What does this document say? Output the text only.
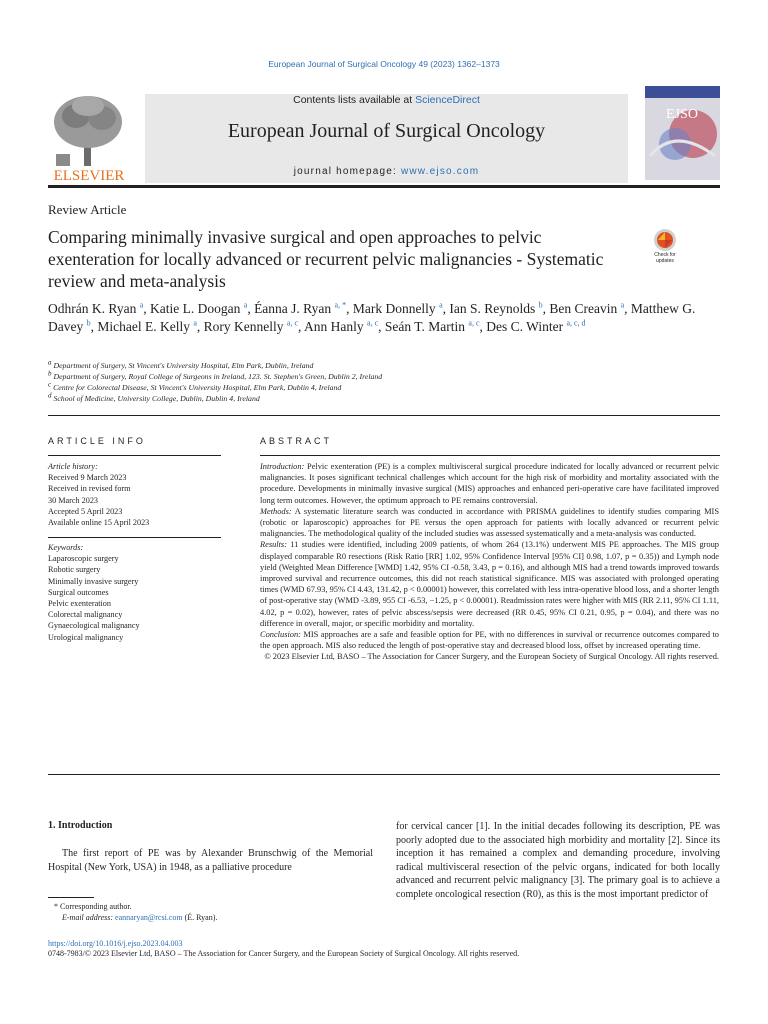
European Journal of Surgical Oncology 49 (2023) 1362–1373
ELSEVIER
Contents lists available at ScienceDirect
European Journal of Surgical Oncology
journal homepage: www.ejso.com
EJSO
Review Article
Comparing minimally invasive surgical and open approaches to pelvic exenteration for locally advanced or recurrent pelvic malignancies - Systematic review and meta-analysis
Check for updates
Odhrán K. Ryan $^a$, Katie L. Doogan $^a$, Éanna J. Ryan $^{a, *}$, Mark Donnelly $^a$, Ian S. Reynolds $^b$, Ben Creavin $^a$, Matthew G. Davey $^b$, Michael E. Kelly $^a$, Rory Kennelly $^{a, c}$, Ann Hanly $^{a, c}$, Seán T. Martin $^{a, c}$, Des C. Winter $^{a, c, d}$
a Department of Surgery, St Vincent's University Hospital, Elm Park, Dublin, Ireland
b Department of Surgery, Royal College of Surgeons in Ireland, 123. St. Stephen's Green, Dublin 2, Ireland
c Centre for Colorectal Disease, St Vincent's University Hospital, Elm Park, Dublin 4, Ireland
d School of Medicine, University College, Dublin, Dublin 4, Ireland
ARTICLE INFO	ABSTRACT
Article history:
Received 9 March 2023
Received in revised form
30 March 2023
Accepted 5 April 2023
Available online 15 April 2023
Keywords:
Laparoscopic surgery
Robotic surgery
Minimally invasive surgery
Surgical outcomes
Pelvic exenteration
Colorectal malignancy
Gynaecological malignancy
Urological malignancy

Introduction: Pelvic exenteration (PE) is a complex multivisceral surgical procedure indicated for locally advanced or recurrent pelvic malignancies. It poses significant technical challenges which account for the high risk of morbidity and mortality associated with the procedure. Developments in minimally invasive surgical (MIS) approaches and enhanced peri-operative care have facilitated improved long term outcomes. However, the optimum approach to PE remains controversial.

Methods: A systematic literature search was conducted in accordance with PRISMA guidelines to identify studies comparing MIS (robotic or laparoscopic) approaches for PE versus the open approach for patients with locally advanced or recurrent pelvic malignancies. The methodological quality of the included studies was assessed systematically and a meta-analysis was conducted.

Results: 11 studies were identified, including 2009 patients, of whom 264 (13.1%) underwent MIS PE approaches. The MIS group displayed comparable R0 resections (Risk Ratio [RR] 1.02, 95% Confidence Interval [95% CI] 0.98, 1.07, p = 0.35)) and Lymph node yield (Weighted Mean Difference [WMD] 1.42, 95% CI -0.58, 3.43, p = 0.16), and although MIS had a trend towards improved towards improved survival and recurrence outcomes, this did not reach statistical significance. MIS was associated with prolonged operating times (WMD 67.93, 95% CI 4.43, 131.42, p < 0.00001) however, this correlated with less intra-operative blood loss, and a shorter length of post-operative stay (WMD -3.89, 955 CI -6.53, −1.25, p < 0.00001). Readmission rates were higher with MIS (RR 2.11, 95% CI 1.11, 4.02, p = 0.02), however, rates of pelvic abscess/sepsis were decreased (RR 0.45, 95% CI 0.21, 0.95, p = 0.04), and there was no difference in overall, major, or specific morbidity and mortality.

Conclusion: MIS approaches are a safe and feasible option for PE, with no differences in survival or recurrence outcomes compared to the open approach. MIS also reduced the length of post-operative stay and decreased blood loss, offset by increased operating time.

© 2023 Elsevier Ltd, BASO – The Association for Cancer Surgery, and the European Society of Surgical Oncology. All rights reserved.

1. Introduction
The first report of PE was by Alexander Brunschwig of the Memorial Hospital (New York, USA) in 1948, as a palliative procedure
for cervical cancer [1]. In the initial decades following its description, PE was poorly adopted due to the associated high morbidity and mortality [2]. Since its inception it has remained a complex and demanding procedure, involving radical multivisceral resection of the pelvic organs, indicated for both locally advanced and recurrent pelvic malignancy [3]. The primary goal is to achieve a complete oncological resection (R0), as this is the most important predictor of
* Corresponding author.
E-mail address: eannaryan@rcsi.com (É. Ryan).
https://doi.org/10.1016/j.ejso.2023.04.003
0748-7983/© 2023 Elsevier Ltd, BASO – The Association for Cancer Surgery, and the European Society of Surgical Oncology. All rights reserved.
